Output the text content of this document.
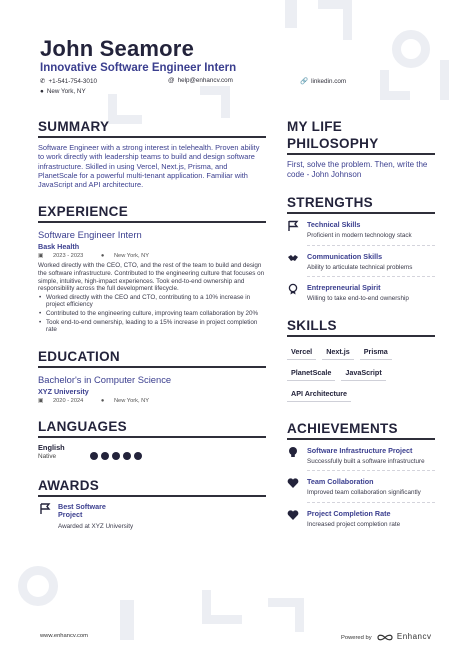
John Seamore
Innovative Software Engineer Intern
✆ +1-541-754-3010	@ help@enhancv.com	🔗 linkedin.com
● New York, NY
SUMMARY
Software Engineer with a strong interest in telehealth. Proven ability to work directly with leadership teams to build and design software infrastructure. Skilled in using Vercel, Next.js, Prisma, and PlanetScale for a powerful multi-tenant application. Familiar with JavaScript and API architecture.
EXPERIENCE
Software Engineer Intern
Bask Health
▣ 2023 - 2023	● New York, NY
Worked directly with the CEO, CTO, and the rest of the team to build and design the software infrastructure. Contributed to the engineering culture that focuses on simple, intuitive, high-impact experiences. Took end-to-end ownership and responsibility across the full development lifecycle.
• Worked directly with the CEO and CTO, contributing to a 10% increase in project efficiency
• Contributed to the engineering culture, improving team collaboration by 20%
• Took end-to-end ownership, leading to a 15% increase in project completion rate
EDUCATION
Bachelor's in Computer Science
XYZ University
▣ 2020 - 2024	● New York, NY
LANGUAGES
English
Native
AWARDS
Best Software
Project
Awarded at XYZ University
MY LIFE PHILOSOPHY
First, solve the problem. Then, write the code - John Johnson
STRENGTHS
Technical Skills
Proficient in modern technology stack
Communication Skills
Ability to articulate technical problems
Entrepreneurial Spirit
Willing to take end-to-end ownership
SKILLS
Vercel	Next.js	Prisma
PlanetScale	JavaScript
API Architecture
ACHIEVEMENTS
Software Infrastructure Project
Successfully built a software infrastructure
Team Collaboration
Improved team collaboration significantly
Project Completion Rate
Increased project completion rate
www.enhancv.com	Powered by	Enhancv
